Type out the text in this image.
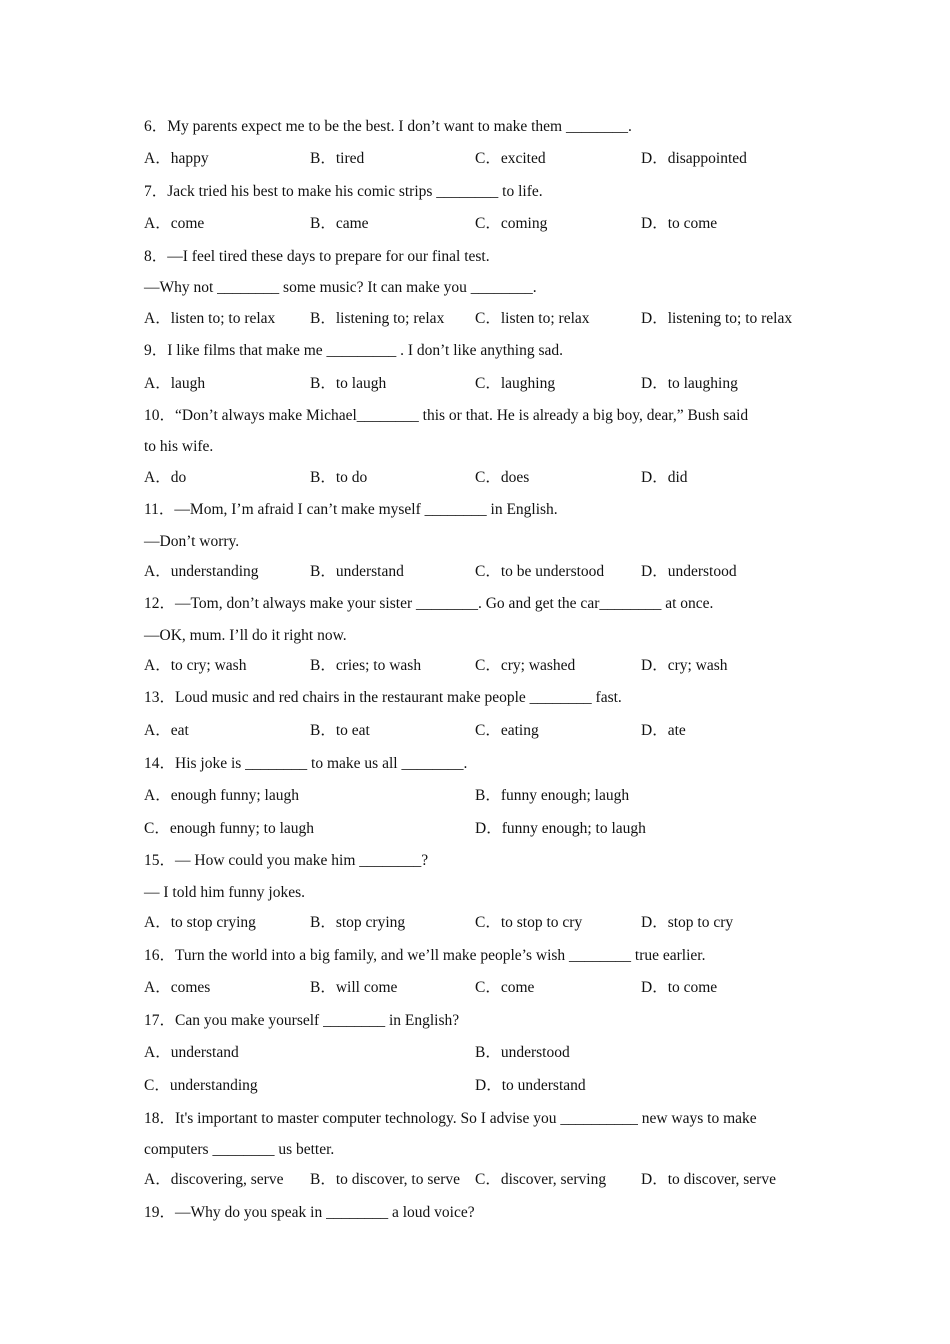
6．My parents expect me to be the best. I don’t want to make them ________.
A．happy	B．tired	C．excited	D．disappointed
7．Jack tried his best to make his comic strips ________ to life.
A．come	B．came	C．coming	D．to come
8．—I feel tired these days to prepare for our final test.
—Why not ________ some music? It can make you ________.
A．listen to; to relax B．listening to; relax C．listen to; relax	D．listening to; to relax
9．I like films that make me _________ . I don’t like anything sad.
A．laugh	B．to laugh	C．laughing	D．to laughing
10．“Don’t always make Michael________ this or that. He is already a big boy, dear,” Bush said
to his wife.
A．do	B．to do	C．does	D．did
11．—Mom, I’m afraid I can’t make myself ________ in English.
—Don’t worry.
A．understanding	B．understand	C．to be understood D．understood
12．—Tom, don’t always make your sister ________. Go and get the car________ at once.
—OK, mum. I’ll do it right now.
A．to cry; wash	B．cries; to wash	C．cry; washed	D．cry; wash
13．Loud music and red chairs in the restaurant make people ________ fast.
A．eat	B．to eat	C．eating	D．ate
14．His joke is ________ to make us all ________.
A．enough funny; laugh	B．funny enough; laugh
C．enough funny; to laugh	D．funny enough; to laugh
15．— How could you make him ________?
— I told him funny jokes.
A．to stop crying	B．stop crying	C．to stop to cry	D．stop to cry
16．Turn the world into a big family, and we’ll make people’s wish ________ true earlier.
A．comes	B．will come	C．come	D．to come
17．Can you make yourself ________ in English?
A．understand	B．understood
C．understanding	D．to understand
18．It's important to master computer technology. So I advise you __________ new ways to make
computers ________ us better.
A．discovering, serve B．to discover, to serve C．discover, serving D．to discover, serve
19．—Why do you speak in ________ a loud voice?
